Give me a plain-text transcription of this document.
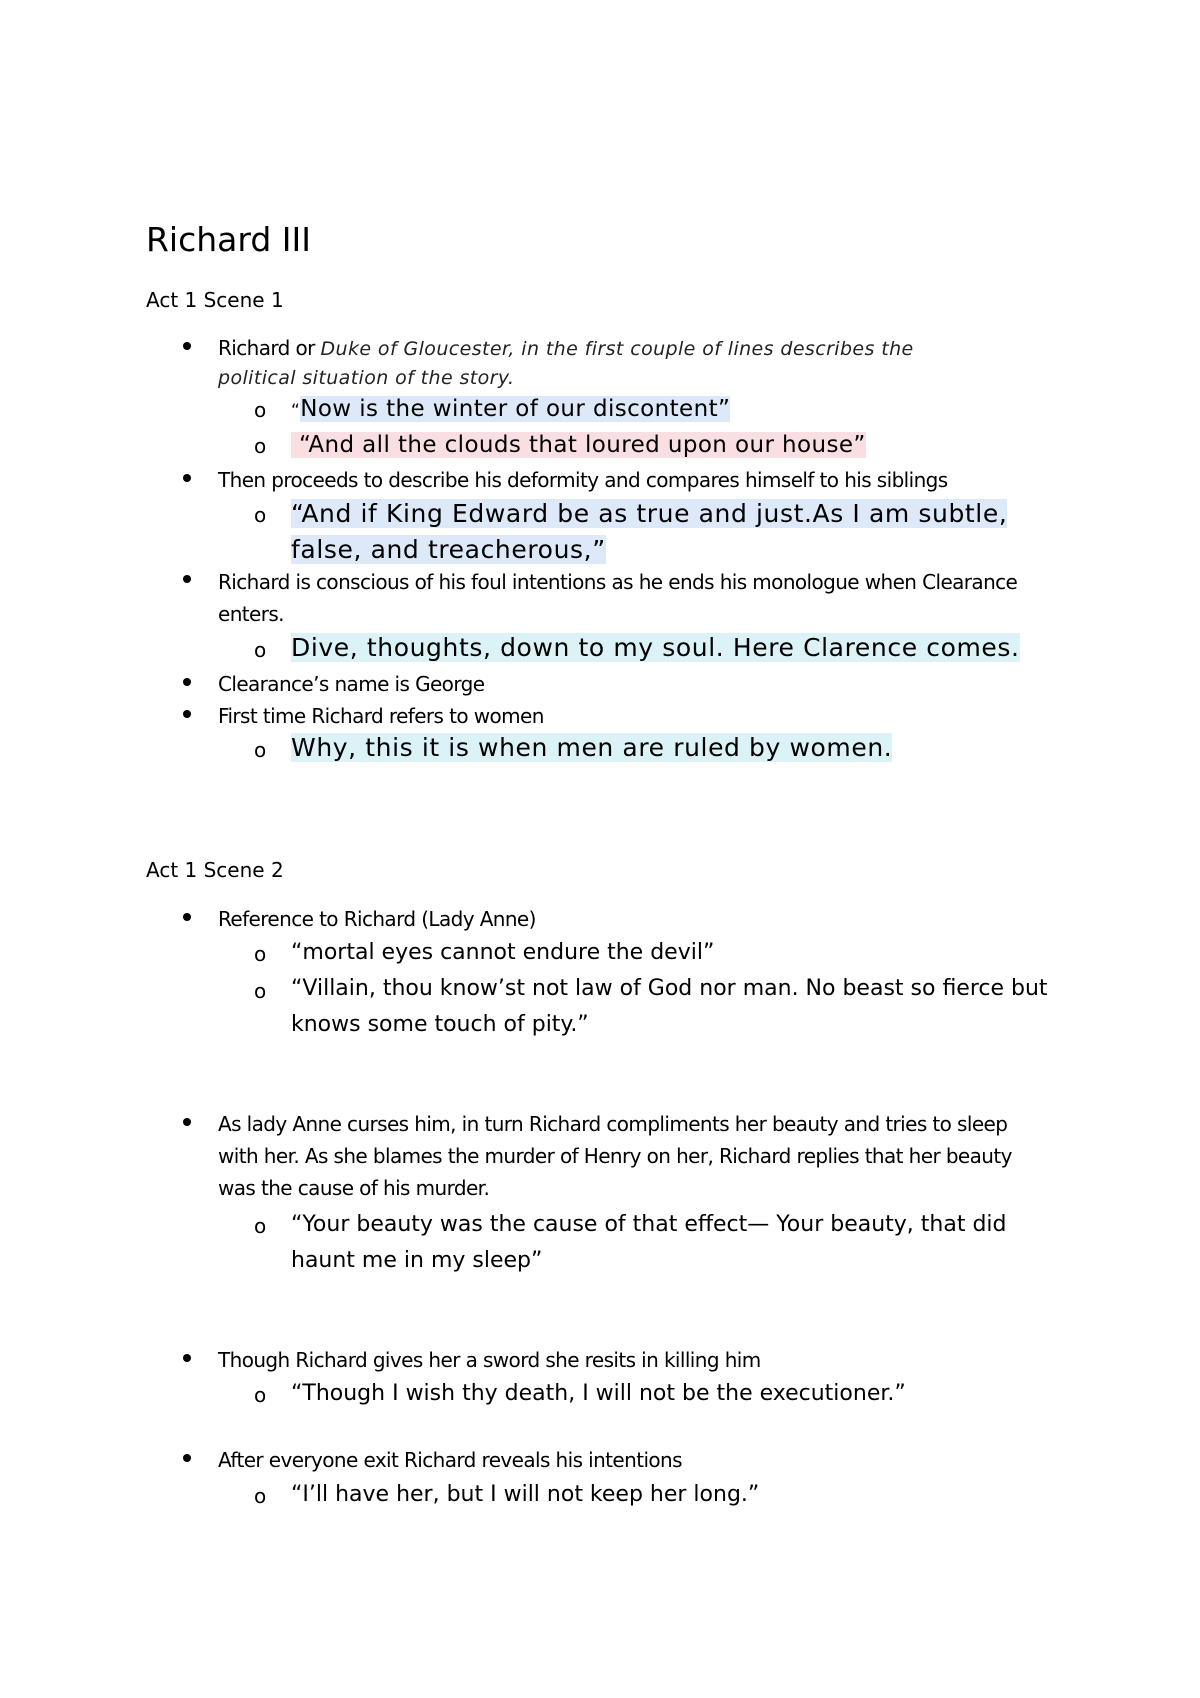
Richard III
Act 1 Scene 1
Richard or Duke of Gloucester, in the first couple of lines describes the
political situation of the story.
o “Now is the winter of our discontent”
o	“And all the clouds that loured upon our house”
Then proceeds to describe his deformity and compares himself to his siblings
o “And if King Edward be as true and just.As I am subtle,
false, and treacherous,”
Richard is conscious of his foul intentions as he ends his monologue when Clearance
enters.
o Dive, thoughts, down to my soul. Here Clarence comes.
Clearance’s name is George
First time Richard refers to women
o Why, this it is when men are ruled by women.
Act 1 Scene 2
Reference to Richard (Lady Anne)
o “mortal eyes cannot endure the devil”
o “Villain, thou know’st not law of God nor man. No beast so fierce but
knows some touch of pity.”
As lady Anne curses him, in turn Richard compliments her beauty and tries to sleep
with her. As she blames the murder of Henry on her, Richard replies that her beauty
was the cause of his murder.
o “Your beauty was the cause of that effect— Your beauty, that did
haunt me in my sleep”
Though Richard gives her a sword she resits in killing him
o “Though I wish thy death, I will not be the executioner.”
After everyone exit Richard reveals his intentions
o “I’ll have her, but I will not keep her long.”
